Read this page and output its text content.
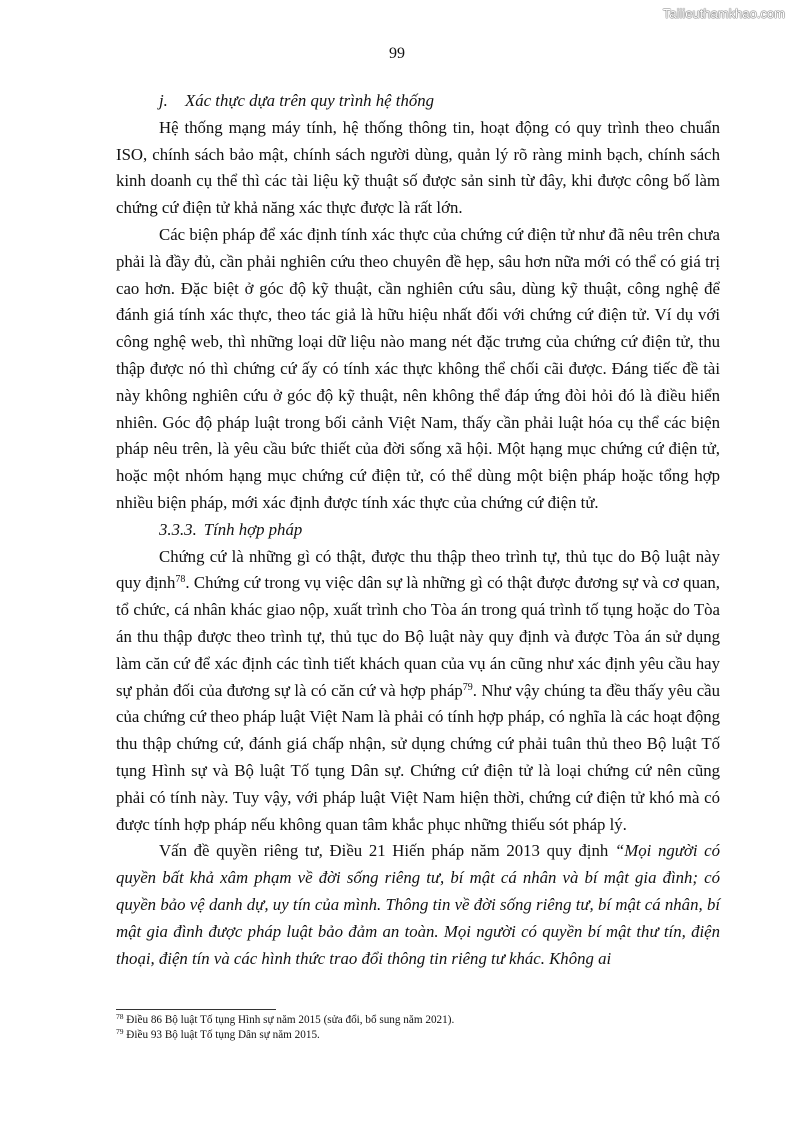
Tailieuthamkhao.com
99

j. Xác thực dựa trên quy trình hệ thống

Hệ thống mạng máy tính, hệ thống thông tin, hoạt động có quy trình theo chuẩn ISO, chính sách bảo mật, chính sách người dùng, quản lý rõ ràng minh bạch, chính sách kinh doanh cụ thể thì các tài liệu kỹ thuật số được sản sinh từ đây, khi được công bố làm chứng cứ điện tử khả năng xác thực được là rất lớn.

Các biện pháp để xác định tính xác thực của chứng cứ điện tử như đã nêu trên chưa phải là đầy đủ, cần phải nghiên cứu theo chuyên đề hẹp, sâu hơn nữa mới có thể có giá trị cao hơn. Đặc biệt ở góc độ kỹ thuật, cần nghiên cứu sâu, dùng kỹ thuật, công nghệ để đánh giá tính xác thực, theo tác giả là hữu hiệu nhất đối với chứng cứ điện tử. Ví dụ với công nghệ web, thì những loại dữ liệu nào mang nét đặc trưng của chứng cứ điện tử, thu thập được nó thì chứng cứ ấy có tính xác thực không thể chối cãi được. Đáng tiếc đề tài này không nghiên cứu ở góc độ kỹ thuật, nên không thể đáp ứng đòi hỏi đó là điều hiển nhiên. Góc độ pháp luật trong bối cảnh Việt Nam, thấy cần phải luật hóa cụ thể các biện pháp nêu trên, là yêu cầu bức thiết của đời sống xã hội. Một hạng mục chứng cứ điện tử, hoặc một nhóm hạng mục chứng cứ điện tử, có thể dùng một biện pháp hoặc tổng hợp nhiều biện pháp, mới xác định được tính xác thực của chứng cứ điện tử.

3.3.3. Tính hợp pháp

Chứng cứ là những gì có thật, được thu thập theo trình tự, thủ tục do Bộ luật này quy định$^{78}$. Chứng cứ trong vụ việc dân sự là những gì có thật được đương sự và cơ quan, tổ chức, cá nhân khác giao nộp, xuất trình cho Tòa án trong quá trình tố tụng hoặc do Tòa án thu thập được theo trình tự, thủ tục do Bộ luật này quy định và được Tòa án sử dụng làm căn cứ để xác định các tình tiết khách quan của vụ án cũng như xác định yêu cầu hay sự phản đối của đương sự là có căn cứ và hợp pháp$^{79}$. Như vậy chúng ta đều thấy yêu cầu của chứng cứ theo pháp luật Việt Nam là phải có tính hợp pháp, có nghĩa là các hoạt động thu thập chứng cứ, đánh giá chấp nhận, sử dụng chứng cứ phải tuân thủ theo Bộ luật Tố tụng Hình sự và Bộ luật Tố tụng Dân sự. Chứng cứ điện tử là loại chứng cứ nên cũng phải có tính này. Tuy vậy, với pháp luật Việt Nam hiện thời, chứng cứ điện tử khó mà có được tính hợp pháp nếu không quan tâm khắc phục những thiếu sót pháp lý.

Vấn đề quyền riêng tư, Điều 21 Hiến pháp năm 2013 quy định “Mọi người có quyền bất khả xâm phạm về đời sống riêng tư, bí mật cá nhân và bí mật gia đình; có quyền bảo vệ danh dự, uy tín của mình. Thông tin về đời sống riêng tư, bí mật cá nhân, bí mật gia đình được pháp luật bảo đảm an toàn. Mọi người có quyền bí mật thư tín, điện thoại, điện tín và các hình thức trao đổi thông tin riêng tư khác. Không ai

$^{78}$ Điều 86 Bộ luật Tố tụng Hình sự năm 2015 (sửa đổi, bổ sung năm 2021).
$^{79}$ Điều 93 Bộ luật Tố tụng Dân sự năm 2015.
